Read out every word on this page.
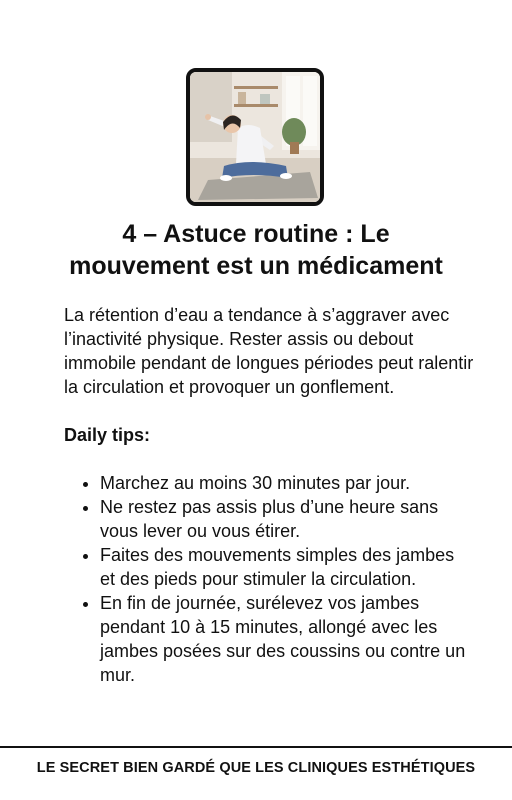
4 – Astuce routine : Le
mouvement est un médicament

La rétention d’eau a tendance à s’aggraver avec l’inactivité physique. Rester assis ou debout immobile pendant de longues périodes peut ralentir la circulation et provoquer un gonflement.

Daily tips:

• Marchez au moins 30 minutes par jour.
• Ne restez pas assis plus d’une heure sans vous lever ou vous étirer.
• Faites des mouvements simples des jambes et des pieds pour stimuler la circulation.
• En fin de journée, surélevez vos jambes pendant 10 à 15 minutes, allongé avec les jambes posées sur des coussins ou contre un mur.
LE SECRET BIEN GARDÉ QUE LES CLINIQUES ESTHÉTIQUES
